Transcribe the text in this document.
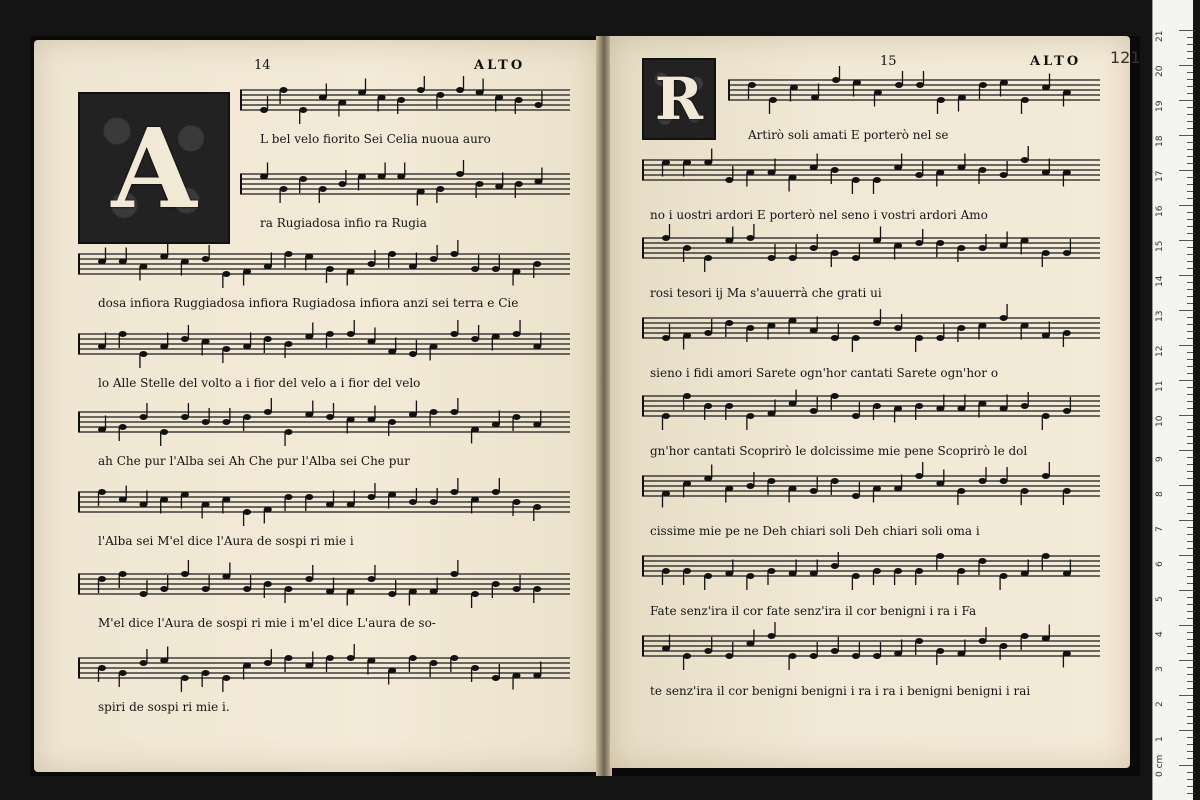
14	ALTO
A	L bel velo fiorito Sei Celia nuoua auro
ra Rugiadosa infio ra Rugia
dosa infiora Ruggiadosa infiora Rugiadosa infiora anzi sei terra e Cie
lo Alle Stelle del volto a i fior del velo a i fior del velo
ah Che pur l'Alba sei Ah Che pur l'Alba sei Che pur
l'Alba sei M'el dice l'Aura de sospi ri mie i
M'el dice l'Aura de sospi ri mie i m'el dice L'aura de so-
spiri de sospi ri mie i.
15	ALTO 121
R
Artirò soli amati E porterò nel se
no i uostri ardori E porterò nel seno i vostri ardori Amo
rosi tesori ij Ma s'auuerrà che grati ui
sieno i fidi amori Sarete ogn'hor cantati Sarete ogn'hor o
gn'hor cantati Scoprirò le dolcissime mie pene Scoprirò le dol
cissime mie pe ne Deh chiari soli Deh chiari soli oma i
Fate senz'ira il cor fate senz'ira il cor benigni i ra i Fa
te senz'ira il cor benigni benigni i ra i ra i benigni benigni i rai
21
20
19
18
17
16
15
14
13
12
11
10
9
8
7
6
5
4
3
2
1
0 cm
